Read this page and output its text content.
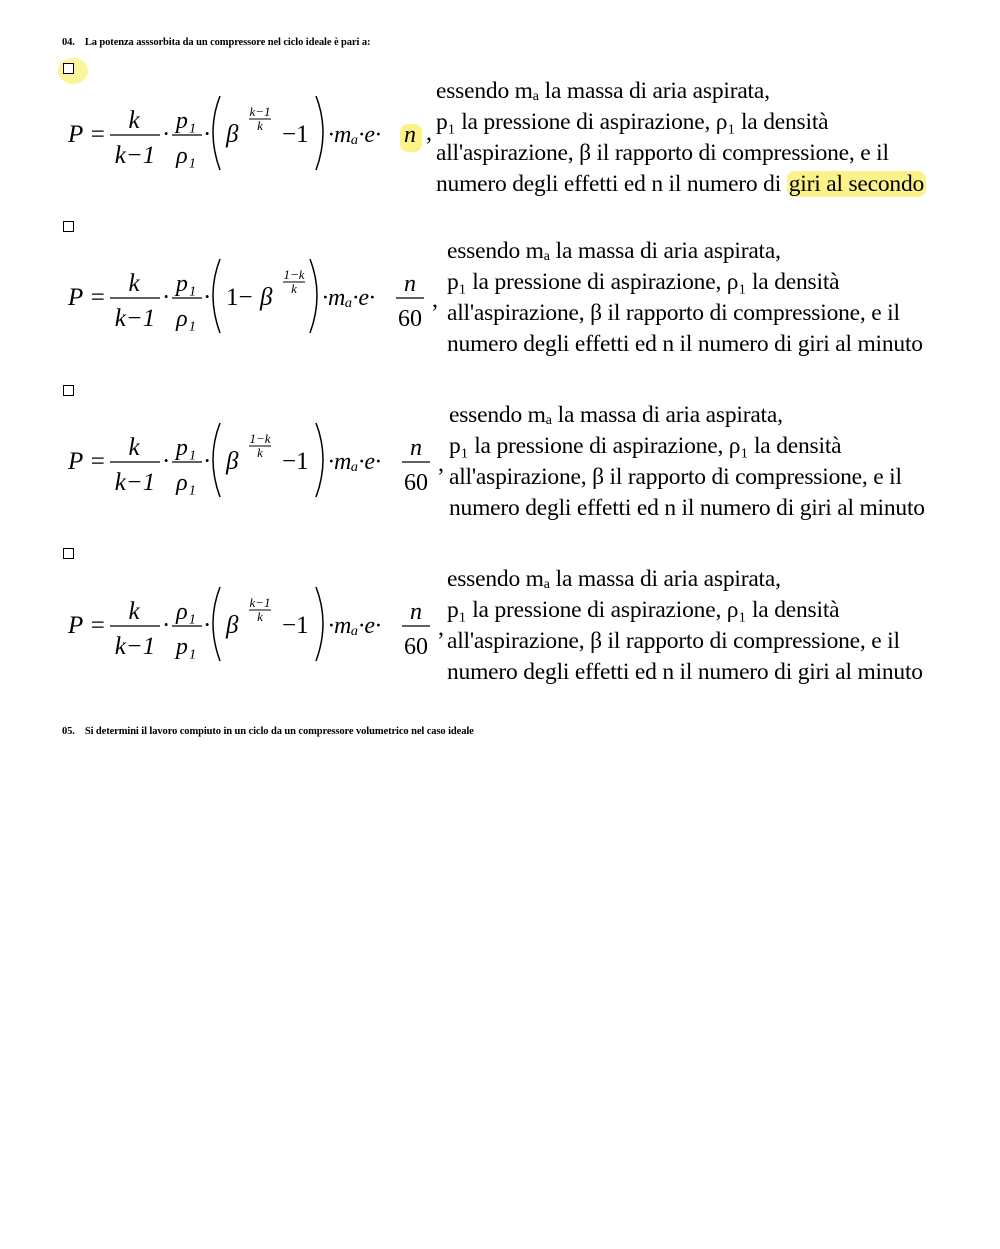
04. La potenza asssorbita da un compressore nel ciclo ideale è pari a:
P =
k
k−1
· p₁
ρ₁
· β
k−1
k −1 ·mₐ·e· n ,
essendo mₐ la massa di aria aspirata,
p₁ la pressione di aspirazione, ρ₁ la densità
all'aspirazione, β il rapporto di compressione, e il
numero degli effetti ed n il numero di giri al secondo
P =
k
k−1
· p₁
ρ₁
· 1− β
1−k
k ·mₐ·e·
n
60
,
essendo mₐ la massa di aria aspirata,
p₁ la pressione di aspirazione, ρ₁ la densità
all'aspirazione, β il rapporto di compressione, e il
numero degli effetti ed n il numero di giri al minuto
P =
k
k−1
· p₁
ρ₁
· β
1−k
k −1 ·mₐ·e·
n
60
,
essendo mₐ la massa di aria aspirata,
p₁ la pressione di aspirazione, ρ₁ la densità
all'aspirazione, β il rapporto di compressione, e il
numero degli effetti ed n il numero di giri al minuto
P =
k
k−1
· ρ₁
p₁
· β
k−1
k −1 ·mₐ·e·
n
60
,
essendo mₐ la massa di aria aspirata,
p₁ la pressione di aspirazione, ρ₁ la densità
all'aspirazione, β il rapporto di compressione, e il
numero degli effetti ed n il numero di giri al minuto
05. Si determini il lavoro compiuto in un ciclo da un compressore volumetrico nel caso ideale
